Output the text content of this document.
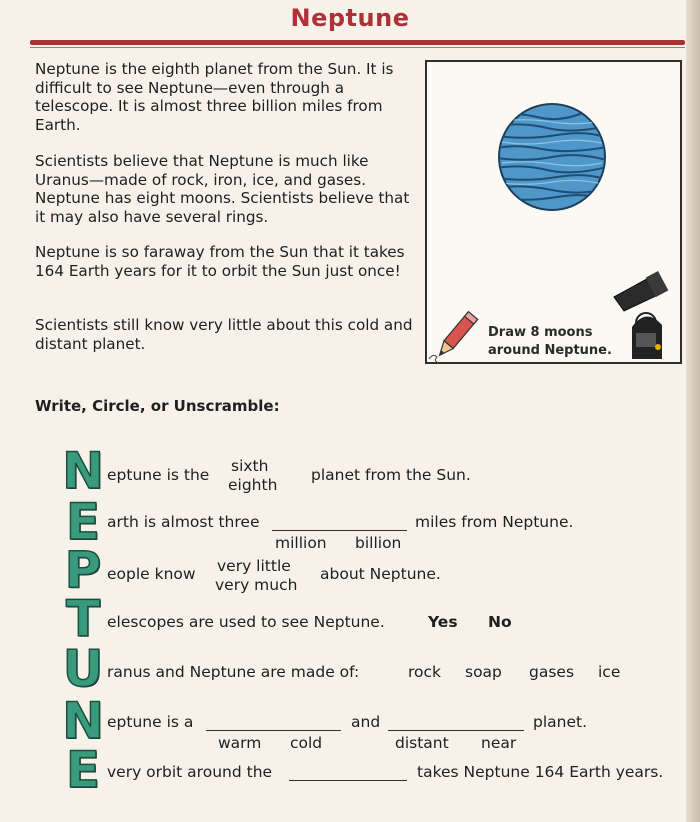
Neptune

Neptune is the eighth planet from the Sun. It is difficult to see Neptune—even through a telescope. It is almost three billion miles from Earth.

Scientists believe that Neptune is much like Uranus—made of rock, iron, ice, and gases. Neptune has eight moons. Scientists believe that it may also have several rings.

Neptune is so faraway from the Sun that it takes 164 Earth years for it to orbit the Sun just once!

Scientists still know very little about this cold and distant planet.

Draw 8 moons
around Neptune.
Write, Circle, or Unscramble:
N eptune is the sixth
eighth
planet from the Sun.
E arth is almost three	miles from Neptune.
million billion
P eople know very little
very much
about Neptune.
T elescopes are used to see Neptune.	Yes No
U ranus and Neptune are made of:	rock soap gases ice
N eptune is a	and	planet.
warm cold	distant near
E very orbit around the	takes Neptune 164 Earth years.
